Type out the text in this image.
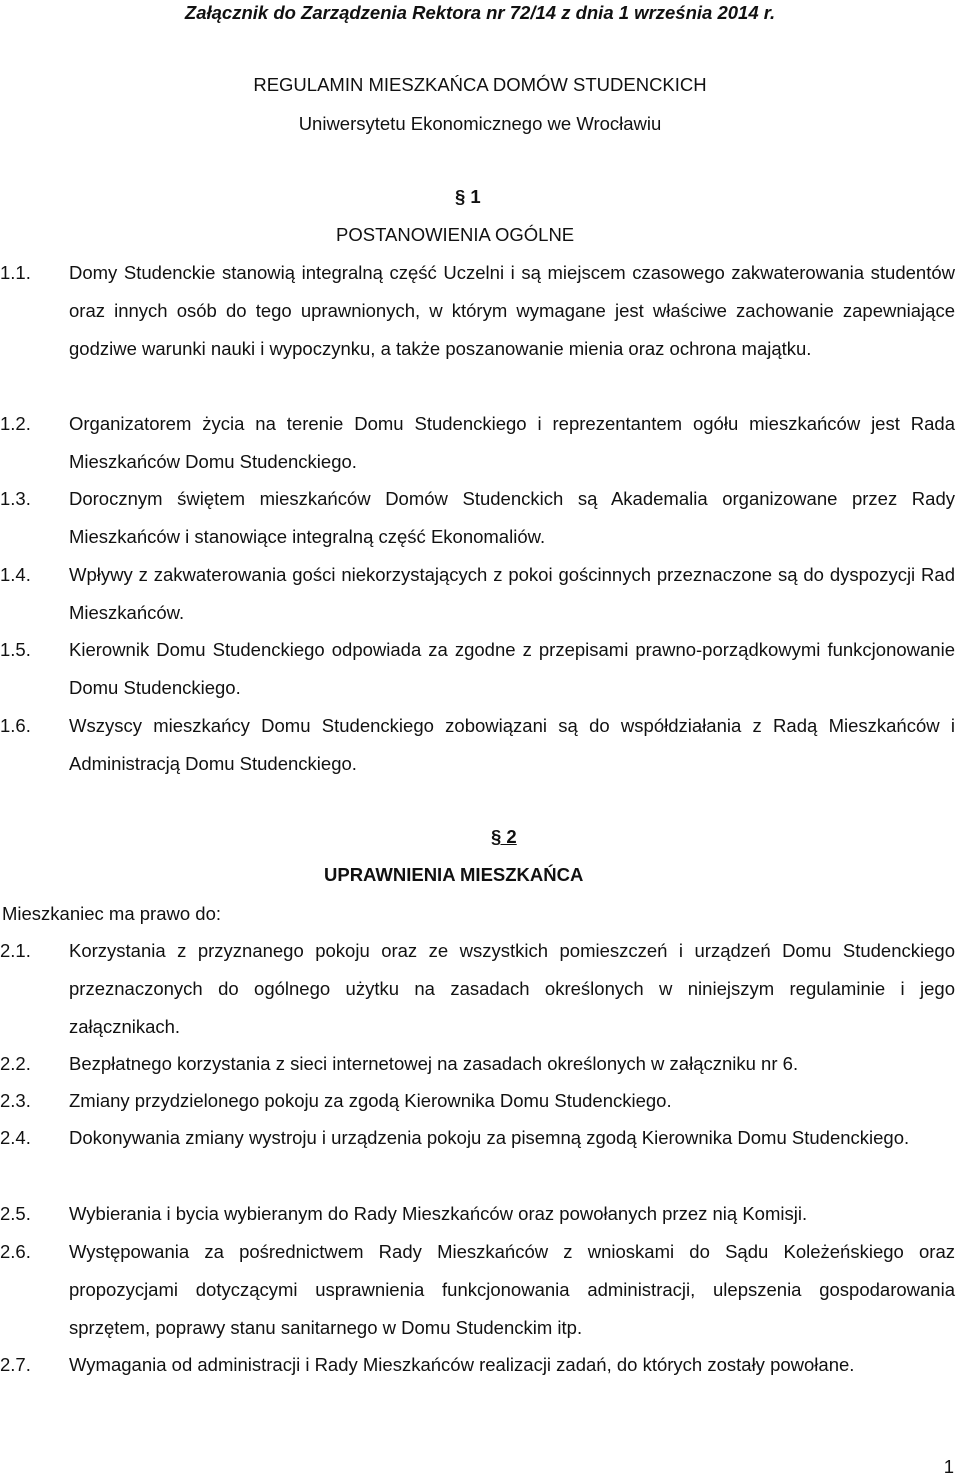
Załącznik do Zarządzenia Rektora nr 72/14 z dnia 1 września 2014 r.
REGULAMIN MIESZKAŃCA DOMÓW STUDENCKICH
Uniwersytetu Ekonomicznego we Wrocławiu
§ 1
POSTANOWIENIA OGÓLNE
1.1.	Domy Studenckie stanowią integralną część Uczelni i są miejscem czasowego zakwaterowania studentów oraz innych osób do tego uprawnionych, w którym wymagane jest właściwe zachowanie zapewniające godziwe warunki nauki i wypoczynku, a także poszanowanie mienia oraz ochrona majątku.
1.2.	Organizatorem życia na terenie Domu Studenckiego i reprezentantem ogółu mieszkańców jest Rada Mieszkańców Domu Studenckiego.
1.3.	Dorocznym świętem mieszkańców Domów Studenckich są Akademalia organizowane przez Rady Mieszkańców i stanowiące integralną część Ekonomaliów.
1.4.	Wpływy z zakwaterowania gości niekorzystających z pokoi gościnnych przeznaczone są do dyspozycji Rad Mieszkańców.
1.5.	Kierownik Domu Studenckiego odpowiada za zgodne z przepisami prawno-porządkowymi funkcjonowanie Domu Studenckiego.
1.6.	Wszyscy mieszkańcy Domu Studenckiego zobowiązani są do współdziałania z Radą Mieszkańców i Administracją Domu Studenckiego.
§ 2
UPRAWNIENIA MIESZKAŃCA
Mieszkaniec ma prawo do:
2.1.	Korzystania z przyznanego pokoju oraz ze wszystkich pomieszczeń i urządzeń Domu Studenckiego przeznaczonych do ogólnego użytku na zasadach określonych w niniejszym regulaminie i jego załącznikach.
2.2.	Bezpłatnego korzystania z sieci internetowej na zasadach określonych w załączniku nr 6.
2.3.	Zmiany przydzielonego pokoju za zgodą Kierownika Domu Studenckiego.
2.4.	Dokonywania zmiany wystroju i urządzenia pokoju za pisemną zgodą Kierownika Domu Studenckiego.
2.5.	Wybierania i bycia wybieranym do Rady Mieszkańców oraz powołanych przez nią Komisji.
2.6.	Występowania za pośrednictwem Rady Mieszkańców z wnioskami do Sądu Koleżeńskiego oraz propozycjami dotyczącymi usprawnienia funkcjonowania administracji, ulepszenia gospodarowania sprzętem, poprawy stanu sanitarnego w Domu Studenckim itp.
2.7.	Wymagania od administracji i Rady Mieszkańców realizacji zadań, do których zostały powołane.
1
